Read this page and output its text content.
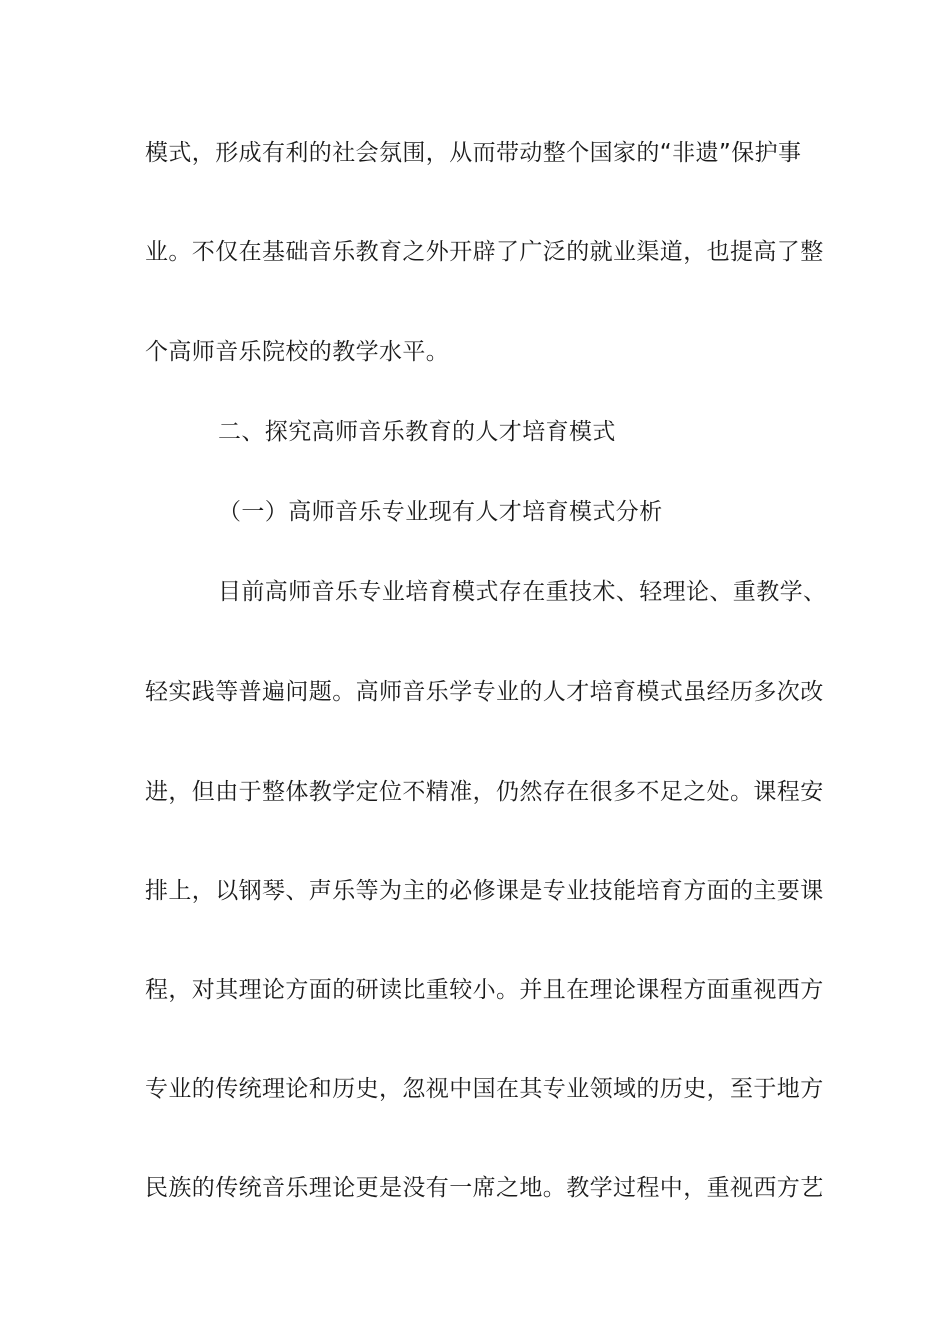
模式，形成有利的社会氛围，从而带动整个国家的“非遗”保护事
业。不仅在基础音乐教育之外开辟了广泛的就业渠道，也提高了整
个高师音乐院校的教学水平。
二、探究高师音乐教育的人才培育模式
（一）高师音乐专业现有人才培育模式分析
目前高师音乐专业培育模式存在重技术、轻理论、重教学、
轻实践等普遍问题。高师音乐学专业的人才培育模式虽经历多次改
进，但由于整体教学定位不精准，仍然存在很多不足之处。课程安
排上，以钢琴、声乐等为主的必修课是专业技能培育方面的主要课
程，对其理论方面的研读比重较小。并且在理论课程方面重视西方
专业的传统理论和历史，忽视中国在其专业领域的历史，至于地方
民族的传统音乐理论更是没有一席之地。教学过程中，重视西方艺
